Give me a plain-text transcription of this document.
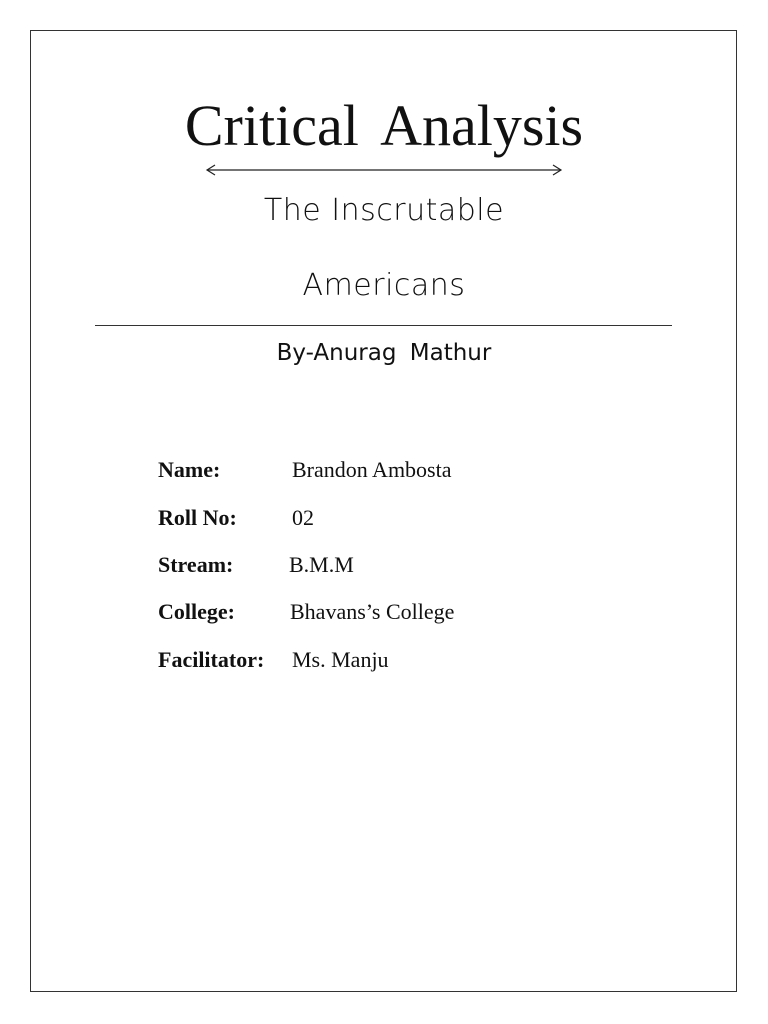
Critical Analysis
The Inscrutable
Americans
By-Anurag Mathur
Name:	Brandon Ambosta
Roll No:	02
Stream:	B.M.M
College:	Bhavans’s College
Facilitator: Ms. Manju
